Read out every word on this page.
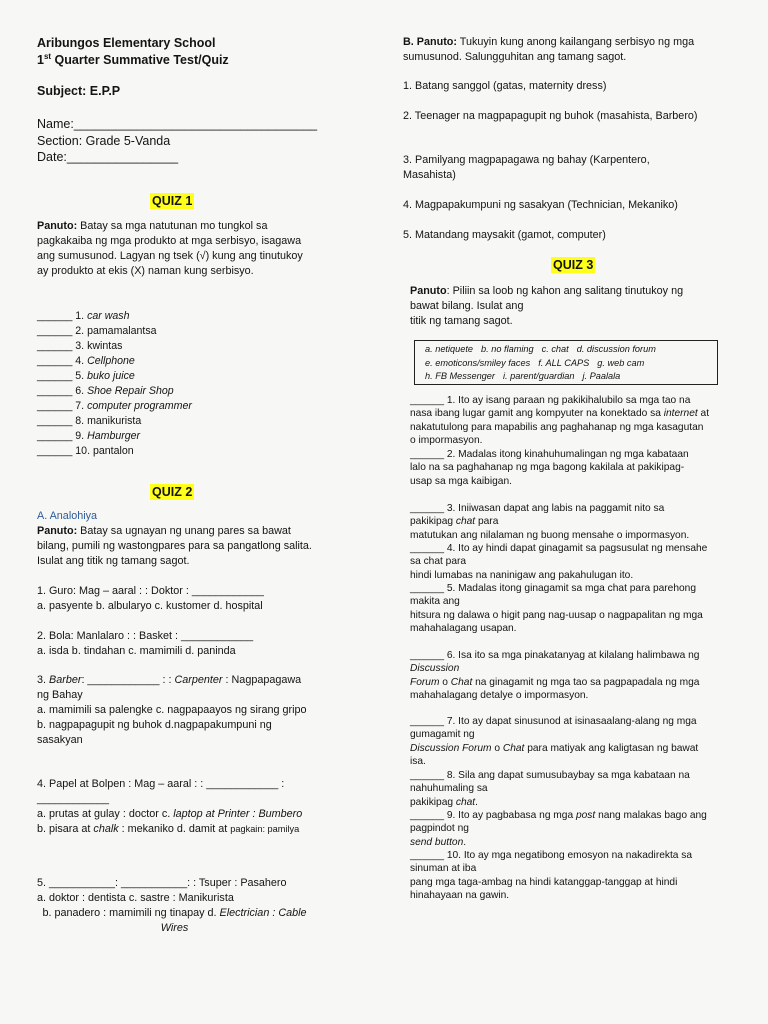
Aribungos Elementary School
1st Quarter Summative Test/Quiz
Subject: E.P.P
Name:___________________________________
Section: Grade 5-Vanda
Date:________________
QUIZ 1
Panuto: Batay sa mga natutunan mo tungkol sa pagkakaiba ng mga produkto at mga serbisyo, isagawa ang sumusunod. Lagyan ng tsek (√) kung ang tinutukoy ay produkto at ekis (X) naman kung serbisyo.
______ 1. car wash
______ 2. pamamalantsa
______ 3. kwintas
______ 4. Cellphone
______ 5. buko juice
______ 6. Shoe Repair Shop
______ 7. computer programmer
______ 8. manikurista
______ 9. Hamburger
______ 10. pantalon
QUIZ 2
A. Analohiya
Panuto: Batay sa ugnayan ng unang pares sa bawat bilang, pumili ng wastongpares para sa pangatlong salita. Isulat ang titik ng tamang sagot.
1. Guro: Mag – aaral : : Doktor : ____________
a. pasyente b. albularyo c. kustomer d. hospital
2. Bola: Manlalaro : : Basket : ____________
a. isda b. tindahan c. mamimili d. paninda
3. Barber: ____________ : : Carpenter : Nagpapagawa ng Bahay
a. mamimili sa palengke c. nagpapaayos ng sirang gripo
b. nagpapagupit ng buhok d.nagpapakumpuni ng sasakyan
4. Papel at Bolpen : Mag – aaral : : ____________ : ____________
a. prutas at gulay : doctor c. laptop at Printer : Bumbero
b. pisara at chalk : mekaniko d. damit at pagkain: pamilya
5. ___________: ___________: : Tsuper : Pasahero
a. doktor : dentista c. sastre : Manikurista
b. panadero : mamimili ng tinapay d. Electrician : Cable Wires
B. Panuto: Tukuyin kung anong kailangang serbisyo ng mga sumusunod. Salungguhitan ang tamang sagot.
1. Batang sanggol (gatas, maternity dress)
2. Teenager na magpapagupit ng buhok (masahista, Barbero)
3. Pamilyang magpapagawa ng bahay (Karpentero, Masahista)
4. Magpapakumpuni ng sasakyan (Technician, Mekaniko)
5. Matandang maysakit (gamot, computer)
QUIZ 3
Panuto: Piliin sa loob ng kahon ang salitang tinutukoy ng bawat bilang. Isulat ang
titik ng tamang sagot.
a. netiquete b. no flaming c. chat d. discussion forum
e. emoticons/smiley faces f. ALL CAPS g. web cam
h. FB Messenger i. parent/guardian j. Paalala
______ 1. Ito ay isang paraan ng pakikihalubilo sa mga tao na nasa ibang lugar gamit ang kompyuter na konektado sa internet at nakatutulong para mapabilis ang paghahanap ng mga kasagutan o impormasyon.
______ 2. Madalas itong kinahuhumalingan ng mga kabataan lalo na sa paghahanap ng mga bagong kakilala at pakikipag-usap sa mga kaibigan.
______ 3. Iniiwasan dapat ang labis na paggamit nito sa pakikipag chat para
matutukan ang nilalaman ng buong mensahe o impormasyon.
______ 4. Ito ay hindi dapat ginagamit sa pagsusulat ng mensahe sa chat para
hindi lumabas na naninigaw ang pakahulugan ito.
______ 5. Madalas itong ginagamit sa mga chat para parehong makita ang
hitsura ng dalawa o higit pang nag-uusap o nagpapalitan ng mga
mahahalagang usapan.
______ 6. Isa ito sa mga pinakatanyag at kilalang halimbawa ng Discussion
Forum o Chat na ginagamit ng mga tao sa pagpapadala ng mga
mahahalagang detalye o impormasyon.
______ 7. Ito ay dapat sinusunod at isinasaalang-alang ng mga gumagamit ng
Discussion Forum o Chat para matiyak ang kaligtasan ng bawat isa.
______ 8. Sila ang dapat sumusubaybay sa mga kabataan na nahuhumaling sa
pakikipag chat.
______ 9. Ito ay pagbabasa ng mga post nang malakas bago ang pagpindot ng
send button.
______ 10. Ito ay mga negatibong emosyon na nakadirekta sa sinuman at iba
pang mga taga-ambag na hindi katanggap-tanggap at hindi hinahayaan na gawin.
